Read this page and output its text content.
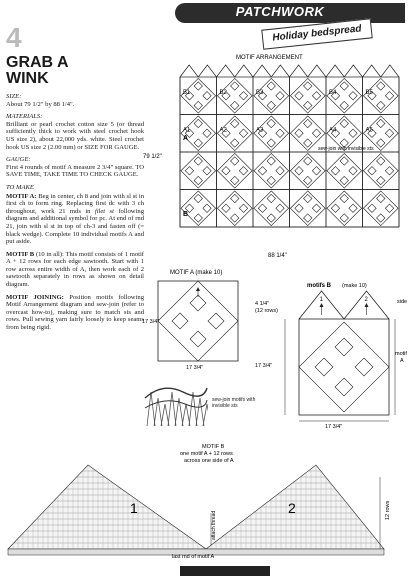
PATCHWORK
Holiday bedspread
4
GRAB A WINK

SIZE:
About 79 1/2" by 88 1/4".

MATERIALS:
Brilliant or pearl crochet cotton size 5 (or thread sufficiently thick to work with steel crochet hook US size 2), about 22,000 yds. white. Steel crochet hook US size 2 (2.00 mm) or SIZE FOR GAUGE.

GAUGE:
First 4 rounds of motif A measure 2 3/4" square. TO SAVE TIME, TAKE TIME TO CHECK GAUGE.

TO MAKE

MOTIF A: Beg in center, ch 8 and join with sl st in first ch to form ring. Replacing first dc with 3 ch throughout, work 21 mds in filet st following diagram and additional symbol for pc. At end of rnd 21, join with sl st in top of ch-3 and fasten off (= black wedge). Complete 10 individual motifs A and put aside.

MOTIF B (10 in all): This motif consists of 1 motif A + 12 rows for each edge sawtooth. Start with 1 row across entire width of A, then work each of 2 sawtooth separately in rows as shown on detail diagram.

MOTIF JOINING: Position motifs following Motif Arrangement diagram and sew-join (refer to overcast how-to), making sure to match sts and rows. Pull sewing yarn fairly loosely to keep seams from being rigid.

MOTIF ARRANGEMENT
B1	B2	B3	B4	B5
A1	A2	A3	A4	A5
79 1/2"
88 1/4"
sew-join with invisible sts
A
B
MOTIF A (make 10)
17 3/4"
17 3/4"
motifs B (make 10)
4 1/4"
(12 rows)
side
motif
A
1	2
17 3/4"
17 3/4"
sew-join motifs with invisible sts
MOTIF B
one motif A + 12 rows
across one side of A
1	2	12 rows
attach thread
last md of motif A
